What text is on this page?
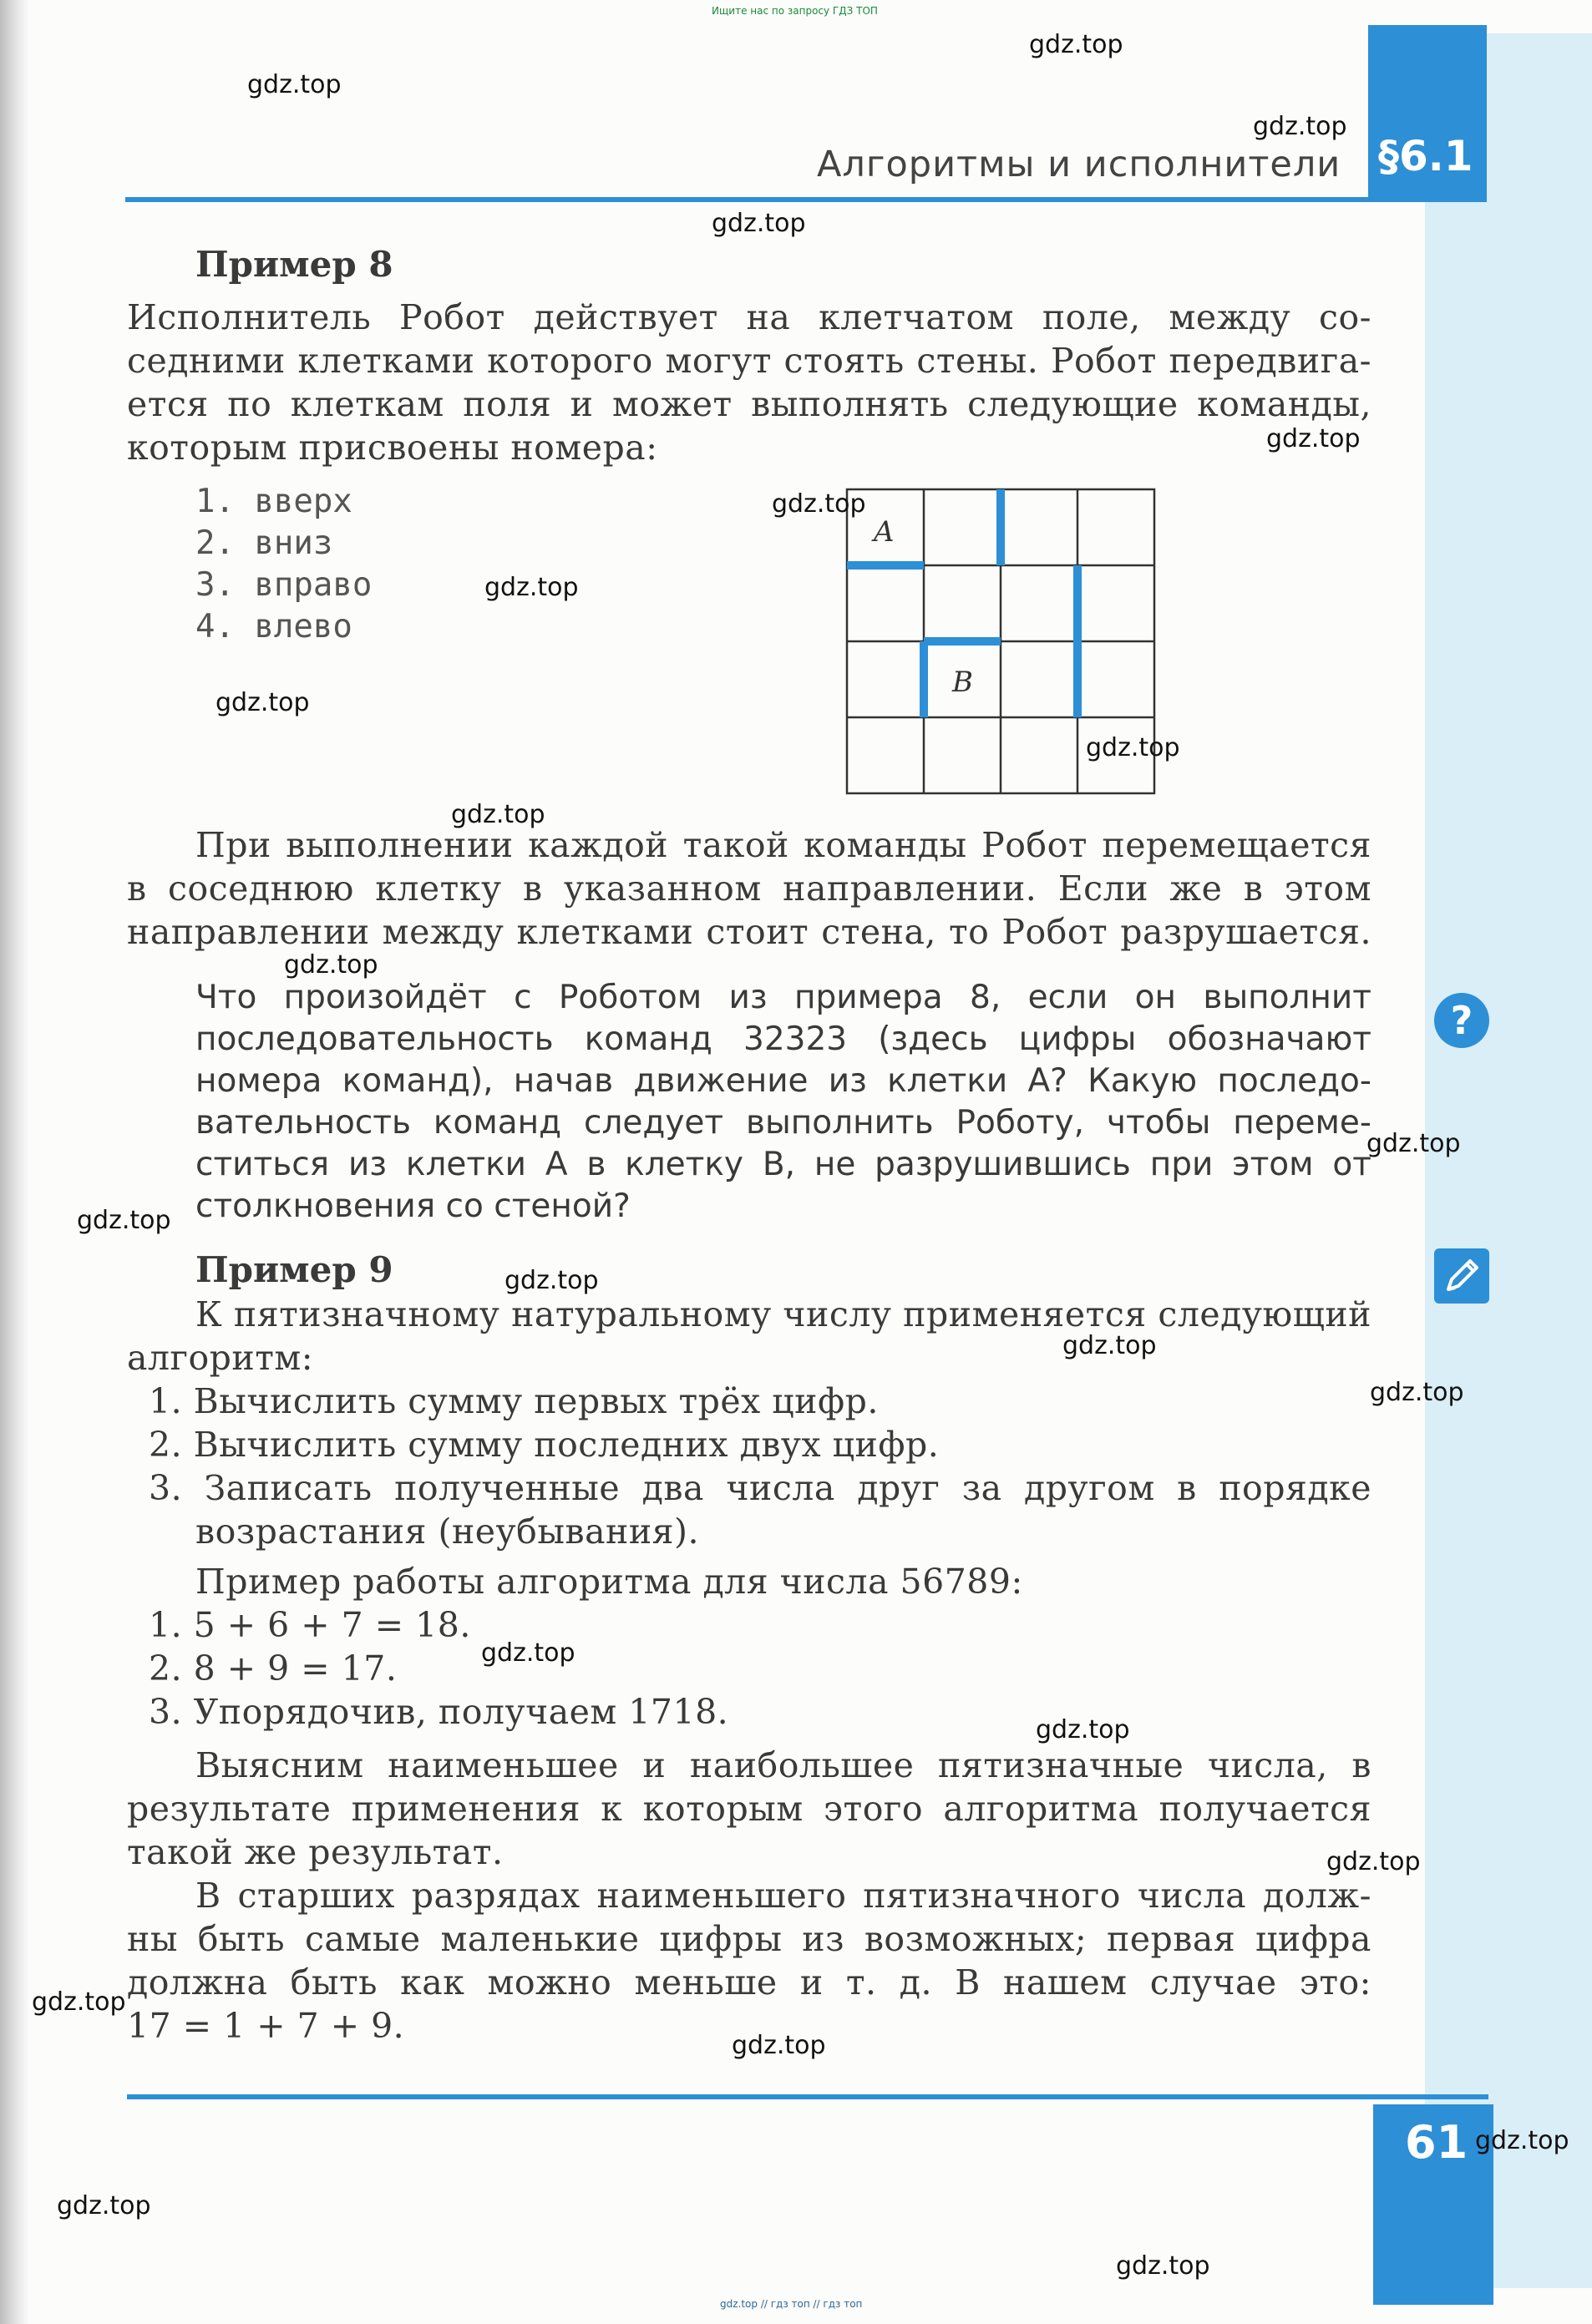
Ищите нас по запросу ГДЗ ТОП
§6.1
Алгоритмы и исполнители
Пример 8
Исполнитель Робот действует на клетчатом поле, между со-
седними клетками которого могут стоять стены. Робот передвига-
ется по клеткам поля и может выполнять следующие команды,
которым присвоены номера:
1. вверх
2. вниз
3. вправо
4. влево
A
B
При выполнении каждой такой команды Робот перемещается
в соседнюю клетку в указанном направлении. Если же в этом
направлении между клетками стоит стена, то Робот разрушается.
Что произойдёт с Роботом из примера 8, если он выполнит
последовательность команд 32323 (здесь цифры обозначают
номера команд), начав движение из клетки A? Какую последо-
вательность команд следует выполнить Роботу, чтобы переме-
ститься из клетки A в клетку B, не разрушившись при этом от
столкновения со стеной?
?
Пример 9
К пятизначному натуральному числу применяется следующий
алгоритм:
1. Вычислить сумму первых трёх цифр.
2. Вычислить сумму последних двух цифр.
3. Записать полученные два числа друг за другом в порядке
возрастания (неубывания).
Пример работы алгоритма для числа 56789:
1. 5 + 6 + 7 = 18.
2. 8 + 9 = 17.
3. Упорядочив, получаем 1718.
Выясним наименьшее и наибольшее пятизначные числа, в
результате применения к которым этого алгоритма получается
такой же результат.
В старших разрядах наименьшего пятизначного числа долж-
ны быть самые маленькие цифры из возможных; первая цифра
должна быть как можно меньше и т. д. В нашем случае это:
17 = 1 + 7 + 9.
61
gdz.top // гдз топ // гдз топ
gdz.top
gdz.top
gdz.top
gdz.top
gdz.top
gdz.top
gdz.top
gdz.top
gdz.top
gdz.top
gdz.top
gdz.top
gdz.top
gdz.top
gdz.top
gdz.top
gdz.top
gdz.top
gdz.top
gdz.top
gdz.top
gdz.top
gdz.top
gdz.top
